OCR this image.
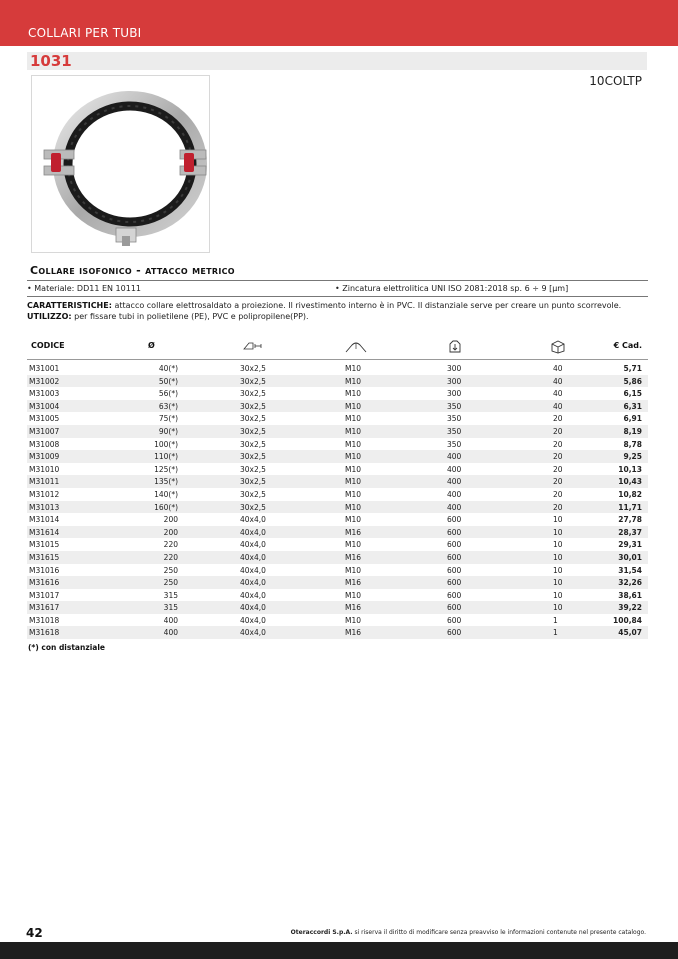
COLLARI PER TUBI
1031
10COLTP
Collare isofonico - attacco metrico
• Materiale: DD11 EN 10111	• Zincatura elettrolitica UNI ISO 2081:2018 sp. 6 ÷ 9 [μm]
CARATTERISTICHE: attacco collare elettrosaldato a proiezione. Il rivestimento interno è in PVC. Il distanziale serve per creare un punto scorrevole.
UTILIZZO: per fissare tubi in polietilene (PE), PVC e polipropilene(PP).
CODICE	Ø	€ Cad.
M31001	40(*)	30x2,5	M10	300	40	5,71
M31002	50(*)	30x2,5	M10	300	40	5,86
M31003	56(*)	30x2,5	M10	300	40	6,15
M31004	63(*)	30x2,5	M10	350	40	6,31
M31005	75(*)	30x2,5	M10	350	20	6,91
M31007	90(*)	30x2,5	M10	350	20	8,19
M31008	100(*)	30x2,5	M10	350	20	8,78
M31009	110(*)	30x2,5	M10	400	20	9,25
M31010	125(*)	30x2,5	M10	400	20	10,13
M31011	135(*)	30x2,5	M10	400	20	10,43
M31012	140(*)	30x2,5	M10	400	20	10,82
M31013	160(*)	30x2,5	M10	400	20	11,71
M31014	200	40x4,0	M10	600	10	27,78
M31614	200	40x4,0	M16	600	10	28,37
M31015	220	40x4,0	M10	600	10	29,31
M31615	220	40x4,0	M16	600	10	30,01
M31016	250	40x4,0	M10	600	10	31,54
M31616	250	40x4,0	M16	600	10	32,26
M31017	315	40x4,0	M10	600	10	38,61
M31617	315	40x4,0	M16	600	10	39,22
M31018	400	40x4,0	M10	600	1	100,84
M31618	400	40x4,0	M16	600	1	45,07
(*) con distanziale
42	Oteraccordi S.p.A. si riserva il diritto di modificare senza preavviso le informazioni contenute nel presente catalogo.
